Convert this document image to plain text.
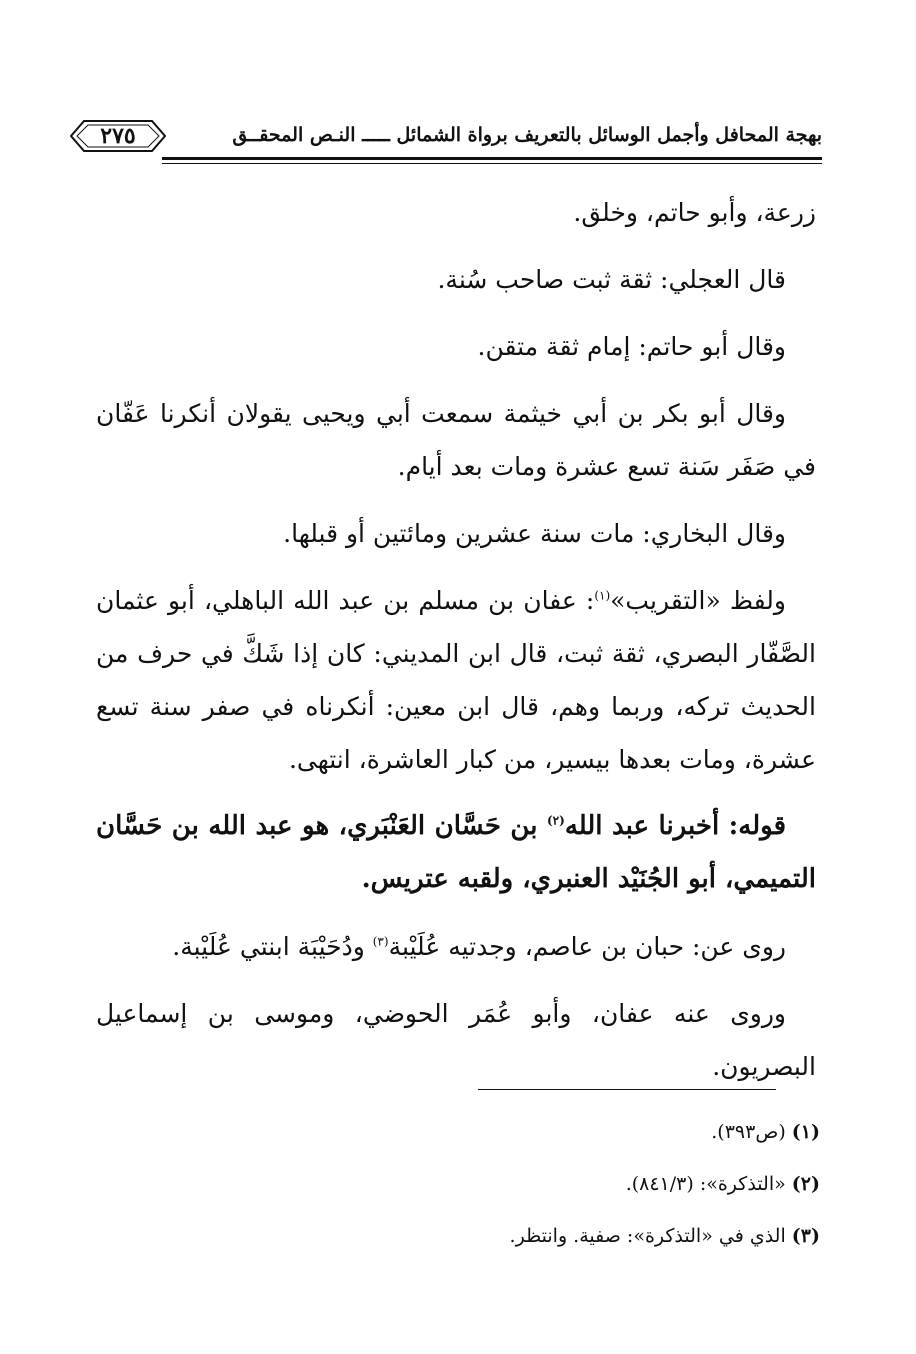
بهجة المحافل وأجمل الوسائل بالتعريف برواة الشمائل ـــــ النـص المحقــق
٢٧٥

زرعة، وأبو حاتم، وخلق.

قال العجلي: ثقة ثبت صاحب سُنة.

وقال أبو حاتم: إمام ثقة متقن.

وقال أبو بكر بن أبي خيثمة سمعت أبي ويحيى يقولان أنكرنا عَفّان في صَفَر سَنة تسع عشرة ومات بعد أيام.

وقال البخاري: مات سنة عشرين ومائتين أو قبلها.

ولفظ «التقريب»$^{(١)}$: عفان بن مسلم بن عبد الله الباهلي، أبو عثمان الصَّفّار البصري، ثقة ثبت، قال ابن المديني: كان إذا شَكَّ في حرف من الحديث تركه، وربما وهم، قال ابن معين: أنكرناه في صفر سنة تسع عشرة، ومات بعدها بيسير، من كبار العاشرة، انتهى.

قوله: أخبرنا عبد الله$^{(٢)}$ بن حَسَّان العَنْبَري، هو عبد الله بن حَسَّان التميمي، أبو الجُنَيْد العنبري، ولقبه عتريس.

روى عن: حبان بن عاصم، وجدتيه عُلَيْبة$^{(٣)}$ ودُحَيْبَة ابنتي عُلَيْبة.

وروى عنه عفان، وأبو عُمَر الحوضي، وموسى بن إسماعيل البصريون.

(١) (ص٣٩٣).

(٢) «التذكرة»: (٨٤١/٣).

(٣) الذي في «التذكرة»: صفية. وانتظر.
